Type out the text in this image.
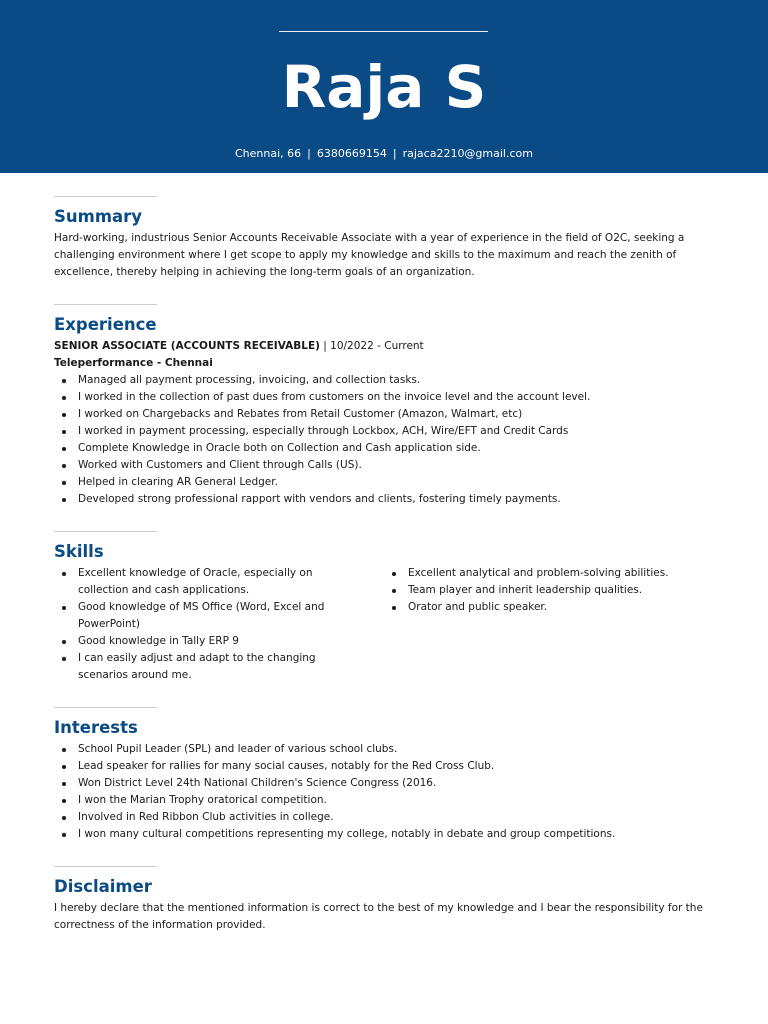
Raja S
Chennai, 66 | 6380669154 | rajaca2210@gmail.com
Summary
Hard-working, industrious Senior Accounts Receivable Associate with a year of experience in the field of O2C, seeking a challenging environment where I get scope to apply my knowledge and skills to the maximum and reach the zenith of excellence, thereby helping in achieving the long-term goals of an organization.
Experience
SENIOR ASSOCIATE (ACCOUNTS RECEIVABLE) | 10/2022 - Current
Teleperformance - Chennai
Managed all payment processing, invoicing, and collection tasks.
I worked in the collection of past dues from customers on the invoice level and the account level.
I worked on Chargebacks and Rebates from Retail Customer (Amazon, Walmart, etc)
I worked in payment processing, especially through Lockbox, ACH, Wire/EFT and Credit Cards
Complete Knowledge in Oracle both on Collection and Cash application side.
Worked with Customers and Client through Calls (US).
Helped in clearing AR General Ledger.
Developed strong professional rapport with vendors and clients, fostering timely payments.
Skills
Excellent knowledge of Oracle, especially on collection and cash applications.
Good knowledge of MS Office (Word, Excel and PowerPoint)
Good knowledge in Tally ERP 9
I can easily adjust and adapt to the changing scenarios around me.
Excellent analytical and problem-solving abilities.
Team player and inherit leadership qualities.
Orator and public speaker.
Interests
School Pupil Leader (SPL) and leader of various school clubs.
Lead speaker for rallies for many social causes, notably for the Red Cross Club.
Won District Level 24th National Children's Science Congress (2016.
I won the Marian Trophy oratorical competition.
Involved in Red Ribbon Club activities in college.
I won many cultural competitions representing my college, notably in debate and group competitions.
Disclaimer
I hereby declare that the mentioned information is correct to the best of my knowledge and I bear the responsibility for the correctness of the information provided.
